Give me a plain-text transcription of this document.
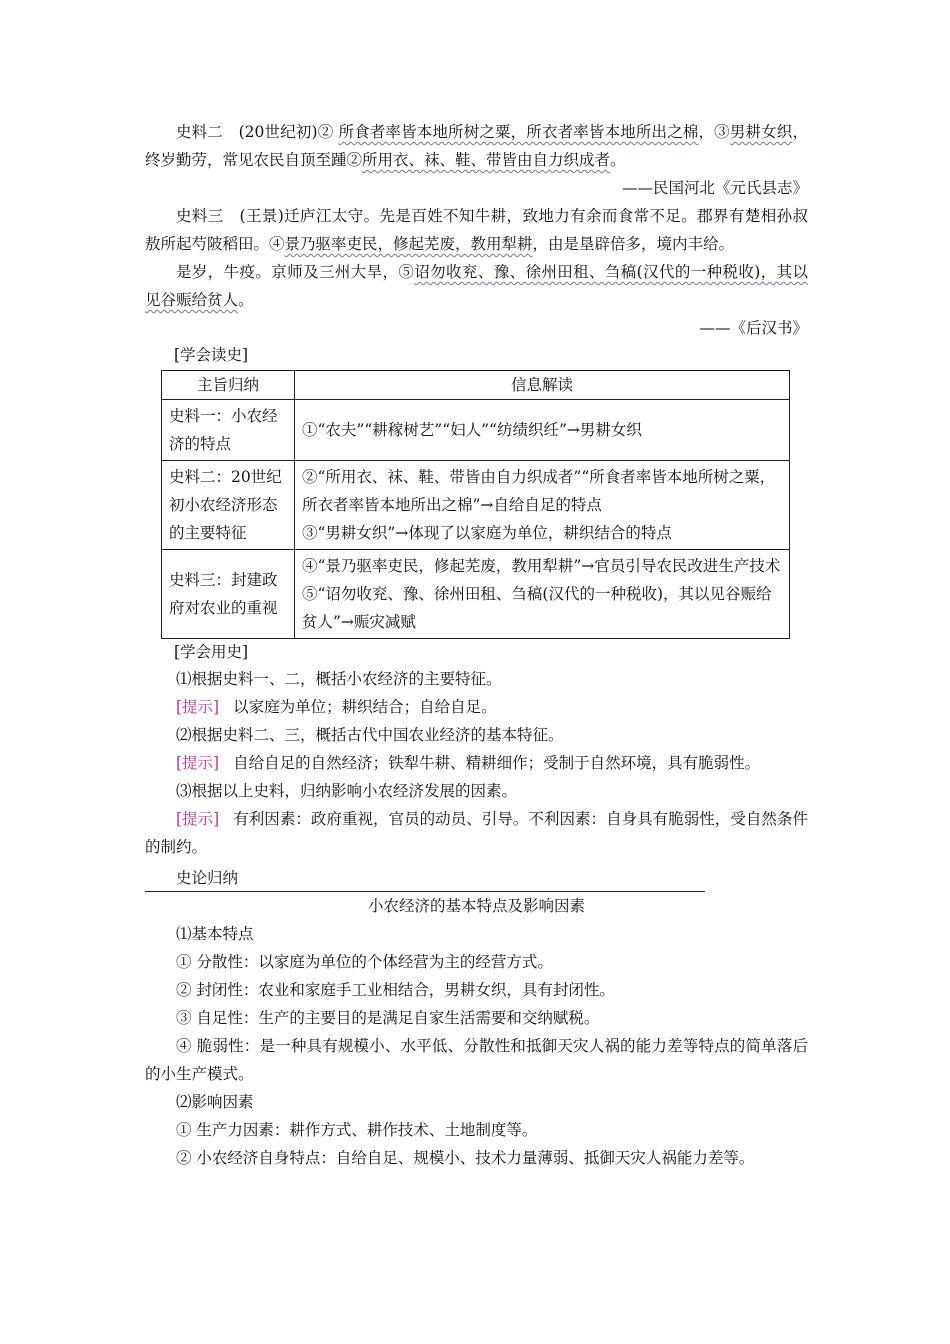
史料二　(20世纪初)② 所食者率皆本地所树之粟，所衣者率皆本地所出之棉，③男耕女织，终岁勤劳，常见农民自顶至踵②所用衣、袜、鞋、带皆由自力织成者。

——民国河北《元氏县志》

史料三　(王景)迁庐江太守。先是百姓不知牛耕，致地力有余而食常不足。郡界有楚相孙叔敖所起芍陂稻田。④景乃驱率吏民，修起芜废，教用犁耕，由是垦辟倍多，境内丰给。

是岁，牛疫。京师及三州大旱，⑤诏勿收兖、豫、徐州田租、刍稿(汉代的一种税收)，其以见谷赈给贫人。

——《后汉书》

[学会读史]
主旨归纳	信息解读
史料一：小农经济的特点	①“农夫”“耕稼树艺”“妇人”“纺绩织纴”→男耕女织

史料二：20世纪初小农经济形态的主要特征	②“所用衣、袜、鞋、带皆由自力织成者”“所食者率皆本地所树之粟，所衣者率皆本地所出之棉”→自给自足的特点
③“男耕女织”→体现了以家庭为单位，耕织结合的特点

史料三：封建政府对农业的重视	④“景乃驱率吏民，修起芜废，教用犁耕”→官员引导农民改进生产技术
⑤“诏勿收兖、豫、徐州田租、刍稿(汉代的一种税收)，其以见谷赈给贫人”→赈灾减赋
[学会用史]

⑴根据史料一、二，概括小农经济的主要特征。

[提示] 以家庭为单位；耕织结合；自给自足。

⑵根据史料二、三，概括古代中国农业经济的基本特征。

[提示] 自给自足的自然经济；铁犁牛耕、精耕细作；受制于自然环境，具有脆弱性。

⑶根据以上史料，归纳影响小农经济发展的因素。

[提示] 有利因素：政府重视，官员的动员、引导。不利因素：自身具有脆弱性，受自然条件的制约。

史论归纳

小农经济的基本特点及影响因素

⑴基本特点

① 分散性：以家庭为单位的个体经营为主的经营方式。

② 封闭性：农业和家庭手工业相结合，男耕女织，具有封闭性。

③ 自足性：生产的主要目的是满足自家生活需要和交纳赋税。

④ 脆弱性：是一种具有规模小、水平低、分散性和抵御天灾人祸的能力差等特点的简单落后的小生产模式。

⑵影响因素

① 生产力因素：耕作方式、耕作技术、土地制度等。

② 小农经济自身特点：自给自足、规模小、技术力量薄弱、抵御天灾人祸能力差等。
